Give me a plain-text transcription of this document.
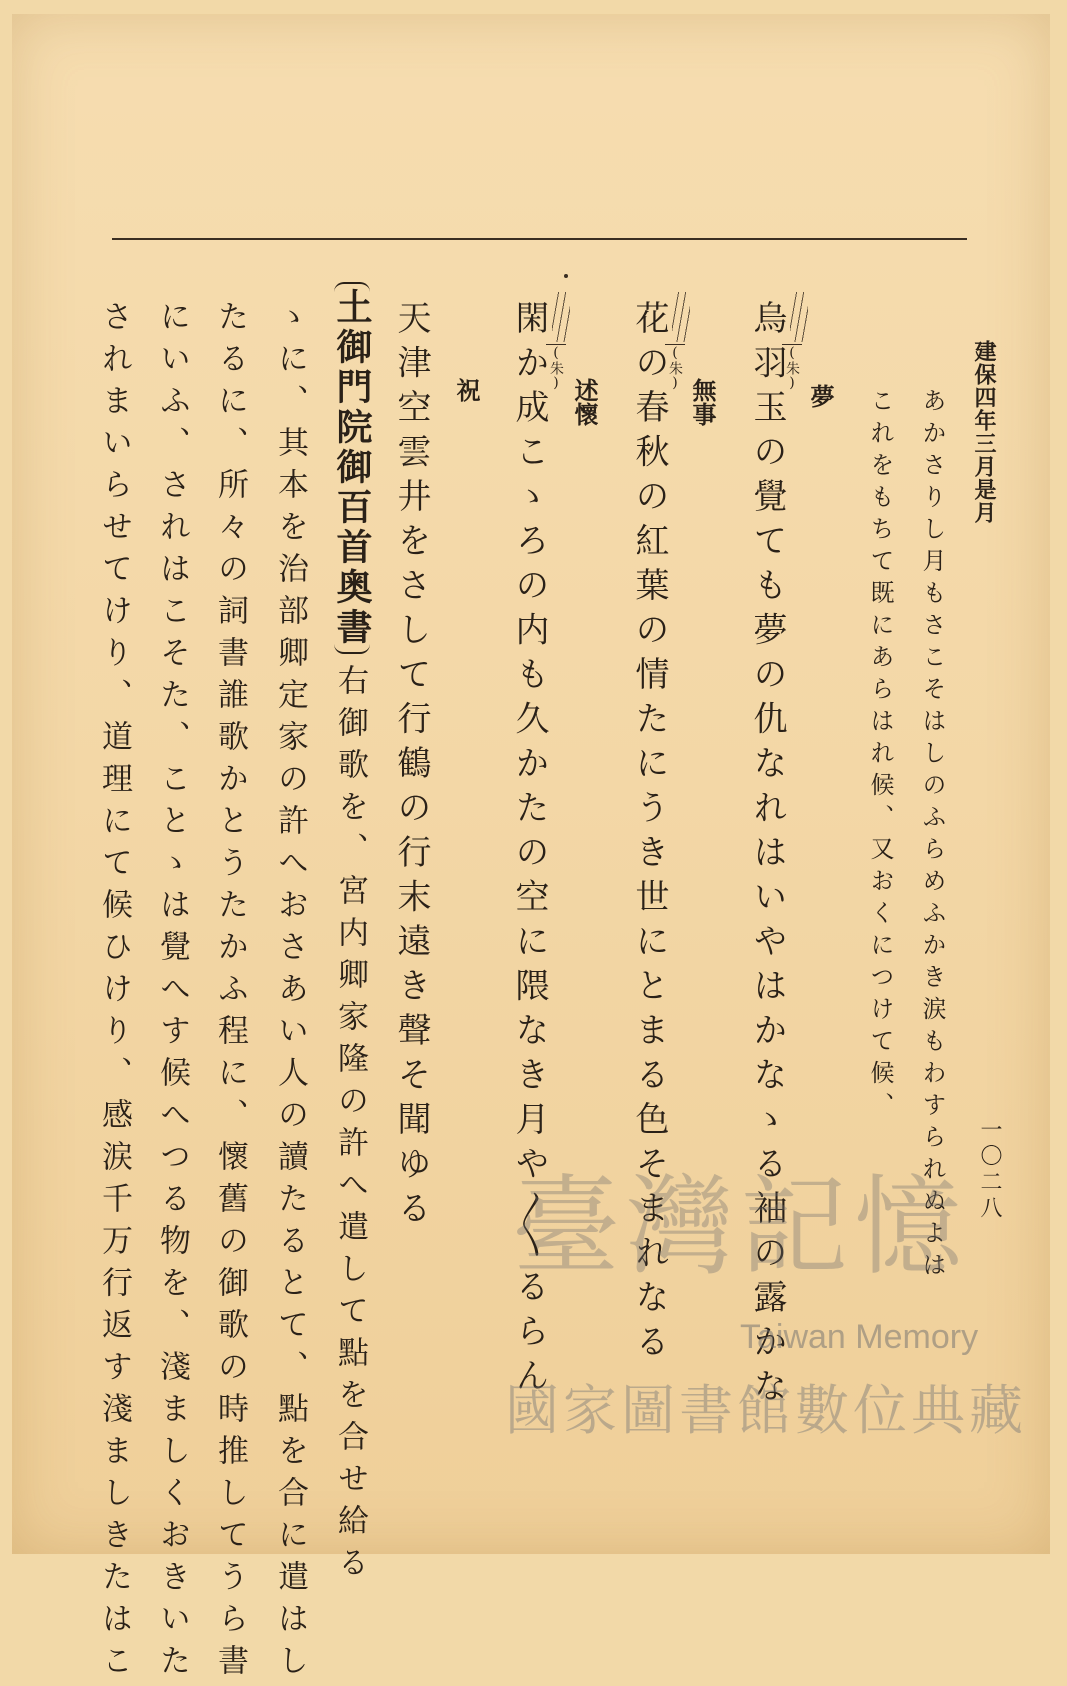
建保四年三月是月
一〇二八
あかさりし月もさこそはしのふらめふかき涙もわすられぬよは
これをもちて既にあらはれ候、又おくにつけて候、
夢
(朱)
烏羽玉の覺ても夢の仇なれはいやはかなゝる袖の露かな
無事
(朱)
花の春秋の紅葉の情たにうき世にとまる色そまれなる
述懷
(朱)
閑か成こゝろの内も久かたの空に隈なき月や〳〵るらん
祝
天津空雲井をさして行鶴の行末遠き聲そ聞ゆる
土御門院御百首奥書
右御歌を、宮内卿家隆の許へ遣して點を合せ給る
ゝに、其本を治部卿定家の許へおさあい人の讀たるとて、點を合に遣はし
たるに、所々の詞書誰歌かとうたかふ程に、懷舊の御歌の時推してうら書
にいふ、されはこそた、ことゝは覺へす候へつる物を、淺ましくおきいた
されまいらせてけり、道理にて候ひけり、感涙千万行返す淺ましきたはこ	臺灣記憶
Taiwan Memory
國家圖書館數位典藏
